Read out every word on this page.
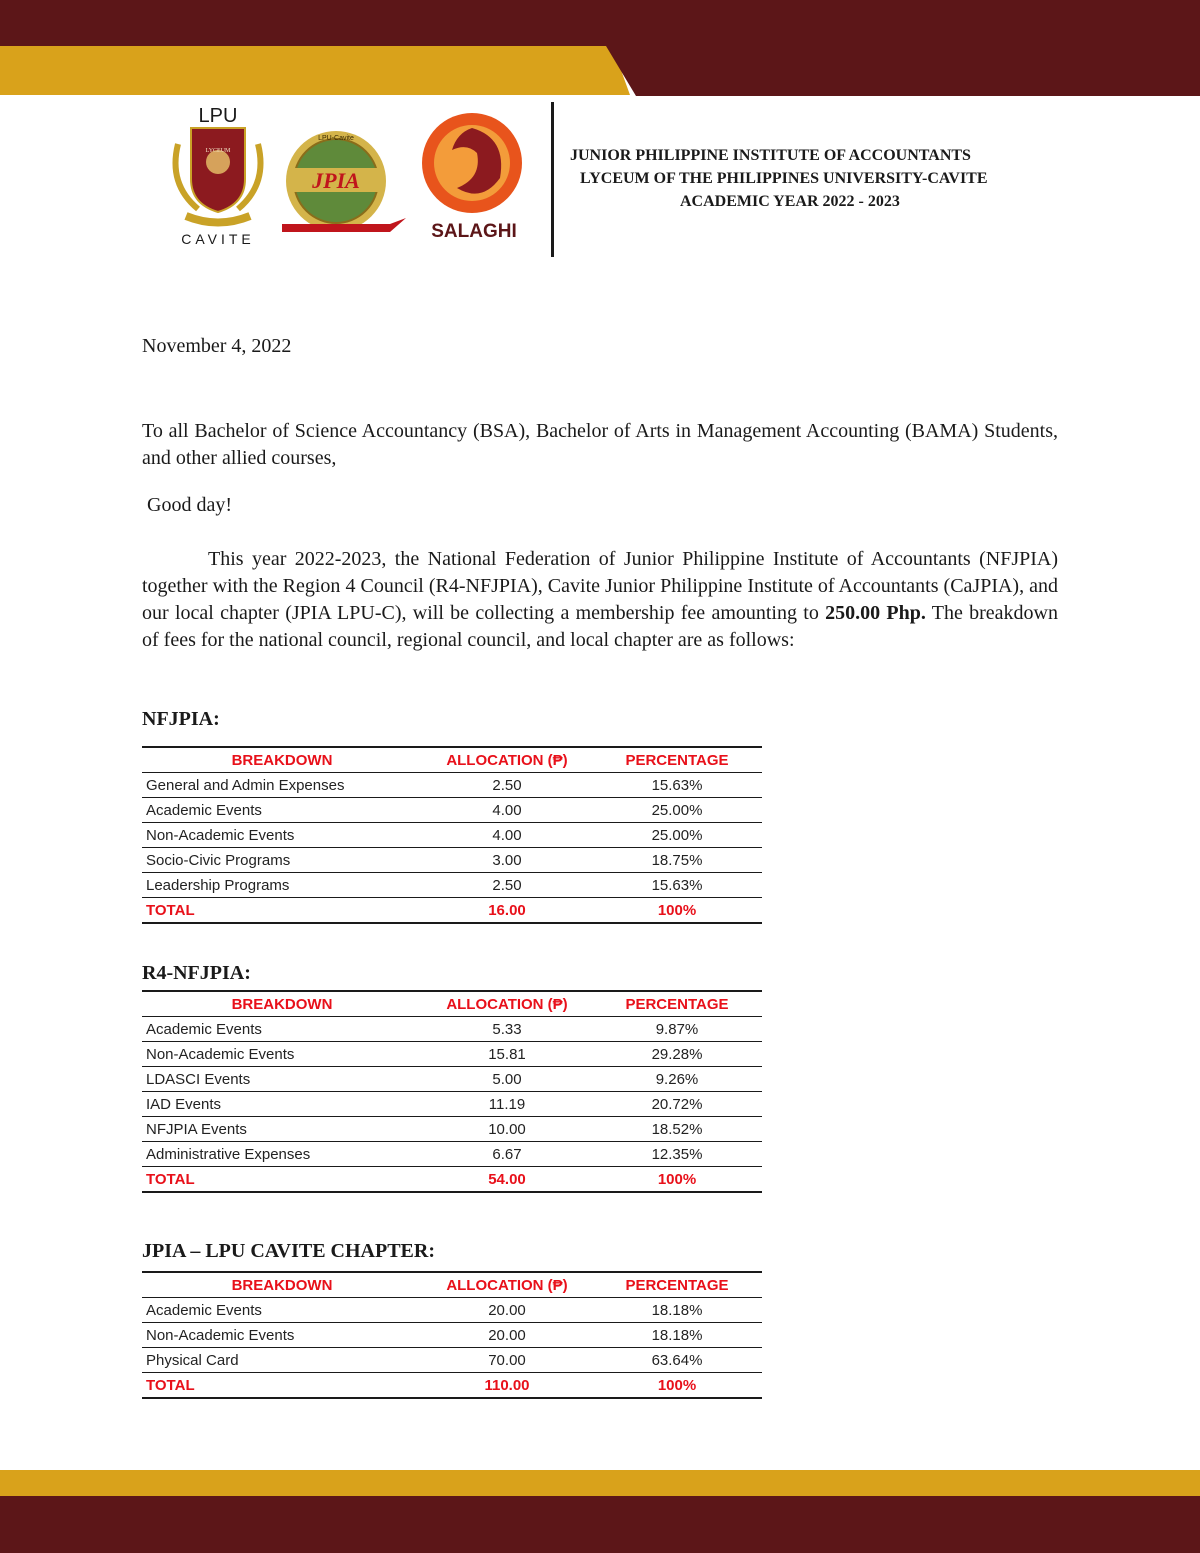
LPU
LYCEUM
CAVITE
LPU-Cavite
JPIA
SALAGHI
JUNIOR PHILIPPINE INSTITUTE OF ACCOUNTANTS
LYCEUM OF THE PHILIPPINES UNIVERSITY-CAVITE
ACADEMIC YEAR 2022 - 2023
November 4, 2022
To all Bachelor of Science Accountancy (BSA), Bachelor of Arts in Management Accounting (BAMA) Students, and other allied courses,
Good day!
This year 2022-2023, the National Federation of Junior Philippine Institute of Accountants (NFJPIA) together with the Region 4 Council (R4-NFJPIA), Cavite Junior Philippine Institute of Accountants (CaJPIA), and our local chapter (JPIA LPU-C), will be collecting a membership fee amounting to 250.00 Php. The breakdown of fees for the national council, regional council, and local chapter are as follows:
NFJPIA:
BREAKDOWN	ALLOCATION (₱)	PERCENTAGE
General and Admin Expenses	2.50	15.63%
Academic Events	4.00	25.00%
Non-Academic Events	4.00	25.00%
Socio-Civic Programs	3.00	18.75%
Leadership Programs	2.50	15.63%
TOTAL	16.00	100%
R4-NFJPIA:
BREAKDOWN	ALLOCATION (₱)	PERCENTAGE
Academic Events	5.33	9.87%
Non-Academic Events	15.81	29.28%
LDASCI Events	5.00	9.26%
IAD Events	11.19	20.72%
NFJPIA Events	10.00	18.52%
Administrative Expenses	6.67	12.35%
TOTAL	54.00	100%
JPIA – LPU CAVITE CHAPTER:
BREAKDOWN	ALLOCATION (₱)	PERCENTAGE
Academic Events	20.00	18.18%
Non-Academic Events	20.00	18.18%
Physical Card	70.00	63.64%
TOTAL	110.00	100%
